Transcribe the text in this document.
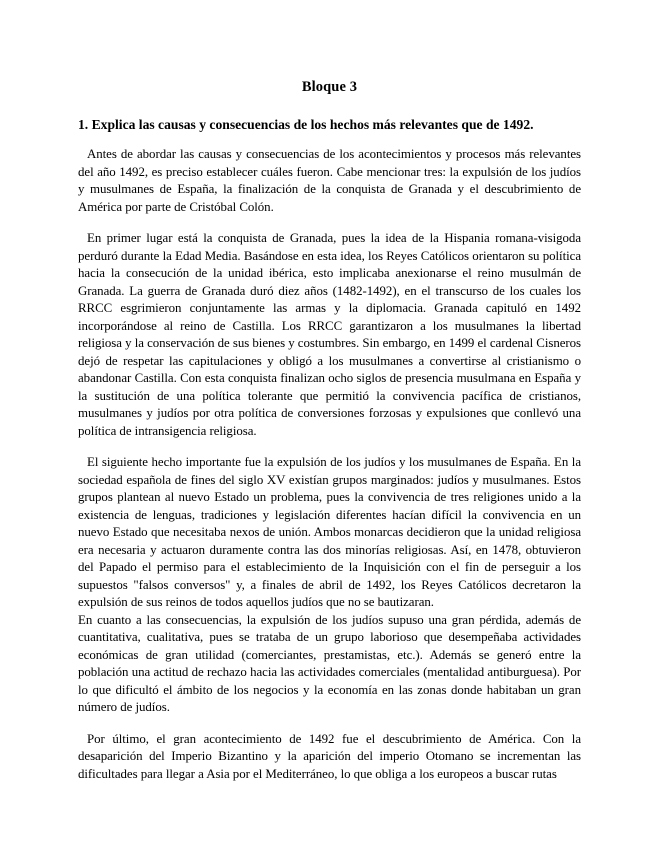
Bloque 3
1. Explica las causas y consecuencias de los hechos más relevantes que de 1492.

Antes de abordar las causas y consecuencias de los acontecimientos y procesos más relevantes del año 1492, es preciso establecer cuáles fueron. Cabe mencionar tres: la expulsión de los judíos y musulmanes de España, la finalización de la conquista de Granada y el descubrimiento de América por parte de Cristóbal Colón.

En primer lugar está la conquista de Granada, pues la idea de la Hispania romana-visigoda perduró durante la Edad Media. Basándose en esta idea, los Reyes Católicos orientaron su política hacia la consecución de la unidad ibérica, esto implicaba anexionarse el reino musulmán de Granada. La guerra de Granada duró diez años (1482-1492), en el transcurso de los cuales los RRCC esgrimieron conjuntamente las armas y la diplomacia. Granada capituló en 1492 incorporándose al reino de Castilla. Los RRCC garantizaron a los musulmanes la libertad religiosa y la conservación de sus bienes y costumbres. Sin embargo, en 1499 el cardenal Cisneros dejó de respetar las capitulaciones y obligó a los musulmanes a convertirse al cristianismo o abandonar Castilla. Con esta conquista finalizan ocho siglos de presencia musulmana en España y la sustitución de una política tolerante que permitió la convivencia pacífica de cristianos, musulmanes y judíos por otra política de conversiones forzosas y expulsiones que conllevó una política de intransigencia religiosa.

El siguiente hecho importante fue la expulsión de los judíos y los musulmanes de España. En la sociedad española de fines del siglo XV existían grupos marginados: judíos y musulmanes. Estos grupos plantean al nuevo Estado un problema, pues la convivencia de tres religiones unido a la existencia de lenguas, tradiciones y legislación diferentes hacían difícil la convivencia en un nuevo Estado que necesitaba nexos de unión. Ambos monarcas decidieron que la unidad religiosa era necesaria y actuaron duramente contra las dos minorías religiosas. Así, en 1478, obtuvieron del Papado el permiso para el establecimiento de la Inquisición con el fin de perseguir a los supuestos "falsos conversos" y, a finales de abril de 1492, los Reyes Católicos decretaron la expulsión de sus reinos de todos aquellos judíos que no se bautizaran.

En cuanto a las consecuencias, la expulsión de los judíos supuso una gran pérdida, además de cuantitativa, cualitativa, pues se trataba de un grupo laborioso que desempeñaba actividades económicas de gran utilidad (comerciantes, prestamistas, etc.). Además se generó entre la población una actitud de rechazo hacia las actividades comerciales (mentalidad antiburguesa). Por lo que dificultó el ámbito de los negocios y la economía en las zonas donde habitaban un gran número de judíos.

Por último, el gran acontecimiento de 1492 fue el descubrimiento de América. Con la desaparición del Imperio Bizantino y la aparición del imperio Otomano se incrementan las dificultades para llegar a Asia por el Mediterráneo, lo que obliga a los europeos a buscar rutas
